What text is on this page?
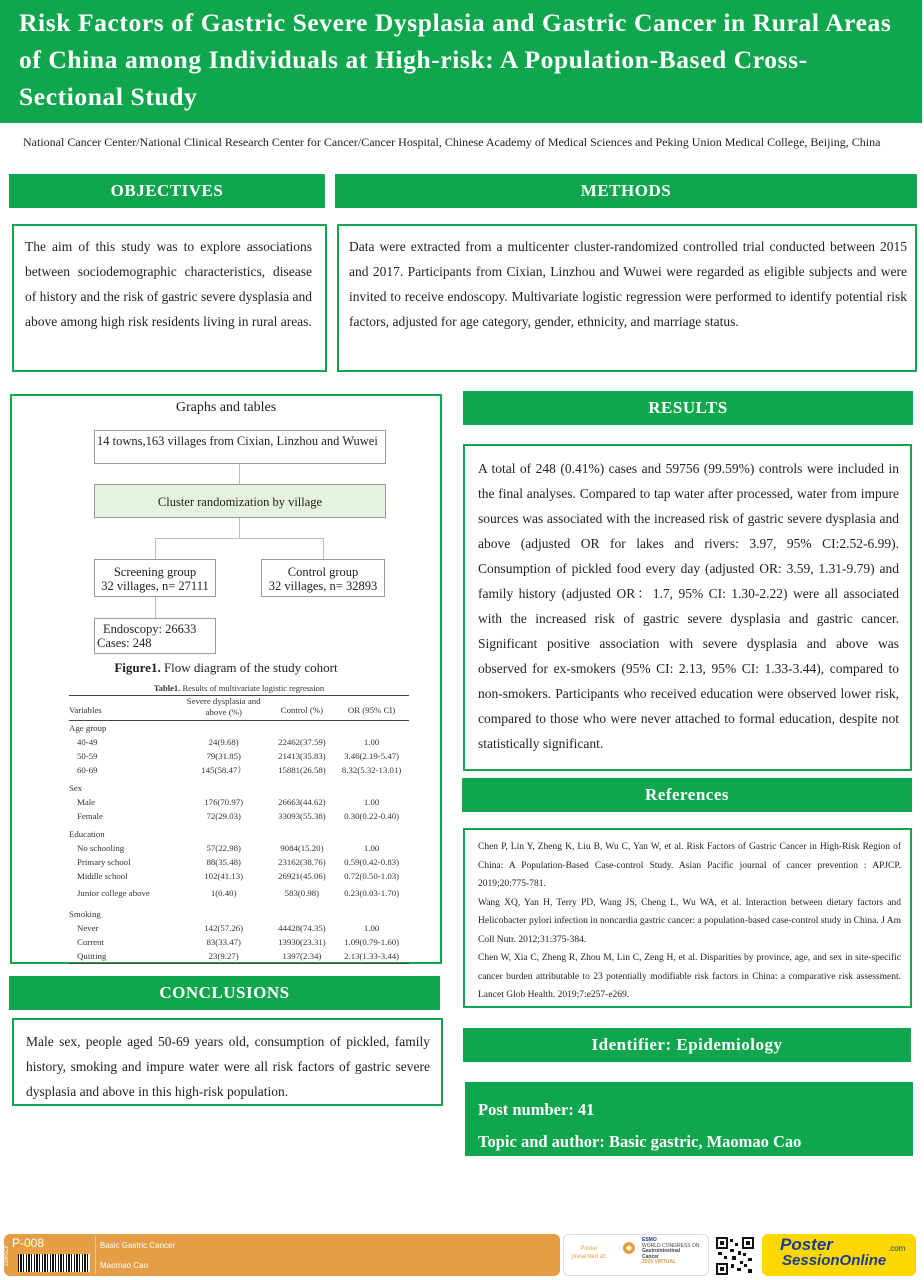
Risk Factors of Gastric Severe Dysplasia and Gastric Cancer in Rural Areas of China among Individuals at High-risk: A Population-Based Cross-Sectional Study
National Cancer Center/National Clinical Research Center for Cancer/Cancer Hospital, Chinese Academy of Medical Sciences and Peking Union Medical College, Beijing, China
OBJECTIVES
The aim of this study was to explore associations between sociodemographic characteristics, disease of history and the risk of gastric severe dysplasia and above among high risk residents living in rural areas.
METHODS
Data were extracted from a multicenter cluster-randomized controlled trial conducted between 2015 and 2017. Participants from Cixian, Linzhou and Wuwei were regarded as eligible subjects and were invited to receive endoscopy. Multivariate logistic regression were performed to identify potential risk factors, adjusted for age category, gender, ethnicity, and marriage status.
Graphs and tables
14 towns,163 villages from Cixian, Linzhou and Wuwei
Cluster randomization by village
Screening group
32 villages, n= 27111
Control group
32 villages, n= 32893
Endoscopy: 26633
Cases: 248
Figure1. Flow diagram of the study cohort
Table1. Results of multivariate logistic regression
Variables	Severe dysplasia and above (%)	Control (%)	OR (95% CI)
Age group			
40-49	24(9.68)	22462(37.59)	1.00
50-59	79(31.85)	21413(35.83)	3.46(2.19-5.47)
60-69	145(58.47）	15881(26.58)	8.32(5.32-13.01)
Sex			
Male	176(70.97)	26663(44.62)	1.00
Female	72(29.03)	33093(55.38)	0.30(0.22-0.40)
Education			
No schooling	57(22.98)	9084(15.20)	1.00
Primary school	88(35.48)	23162(38.76)	0.59(0.42-0.83)
Middle school	102(41.13)	26921(45.06)	0.72(0.50-1.03)
Junior college above	1(0.40)	583(0.98)	0.23(0.03-1.70)
Smoking			
Never	142(57.26)	44428(74.35)	1.00
Current	83(33.47)	13930(23.31)	1.09(0.79-1.60)
Quitting	23(9.27)	1397(2.34)	2.13(1.33-3.44)
RESULTS
A total of 248 (0.41%) cases and 59756 (99.59%) controls were included in the final analyses. Compared to tap water after processed, water from impure sources was associated with the increased risk of gastric severe dysplasia and above (adjusted OR for lakes and rivers: 3.97, 95% CI:2.52-6.99). Consumption of pickled food every day (adjusted OR: 3.59, 1.31-9.79) and family history (adjusted OR：1.7, 95% CI: 1.30-2.22) were all associated with the increased risk of gastric severe dysplasia and gastric cancer. Significant positive association with severe dysplasia and above was observed for ex-smokers (95% CI: 2.13, 95% CI: 1.33-3.44), compared to non-smokers. Participants who received education were observed lower risk, compared to those who were never attached to formal education, despite not statistically significant.
References
Chen P, Lin Y, Zheng K, Liu B, Wu C, Yan W, et al. Risk Factors of Gastric Cancer in High-Risk Region of China: A Population-Based Case-control Study. Asian Pacific journal of cancer prevention : APJCP. 2019;20:775-781.
Wang XQ, Yan H, Terry PD, Wang JS, Cheng L, Wu WA, et al. Interaction between dietary factors and Helicobacter pylori infection in noncardia gastric cancer: a population-based case-control study in China. J Am Coll Nutr. 2012;31:375-384.
Chen W, Xia C, Zheng R, Zhou M, Lin C, Zeng H, et al. Disparities by province, age, and sex in site-specific cancer burden attributable to 23 potentially modifiable risk factors in China: a comparative risk assessment. Lancet Glob Health. 2019;7:e257-e269.
CONCLUSIONS
Male sex, people aged 50-69 years old, consumption of pickled, family history, smoking and impure water were all risk factors of gastric severe dysplasia and above in this high-risk population.
Identifier: Epidemiology
Post number: 41
Topic and author: Basic gastric, Maomao Cao
21WGCP
P-008	Basic Gastric Cancer
Maomao Cao
Poster presented at:
ESMO
WORLD CONGRESS ON
Gastrointestinal
Cancer
2020 VIRTUAL
Poster
SessionOnline
.com
